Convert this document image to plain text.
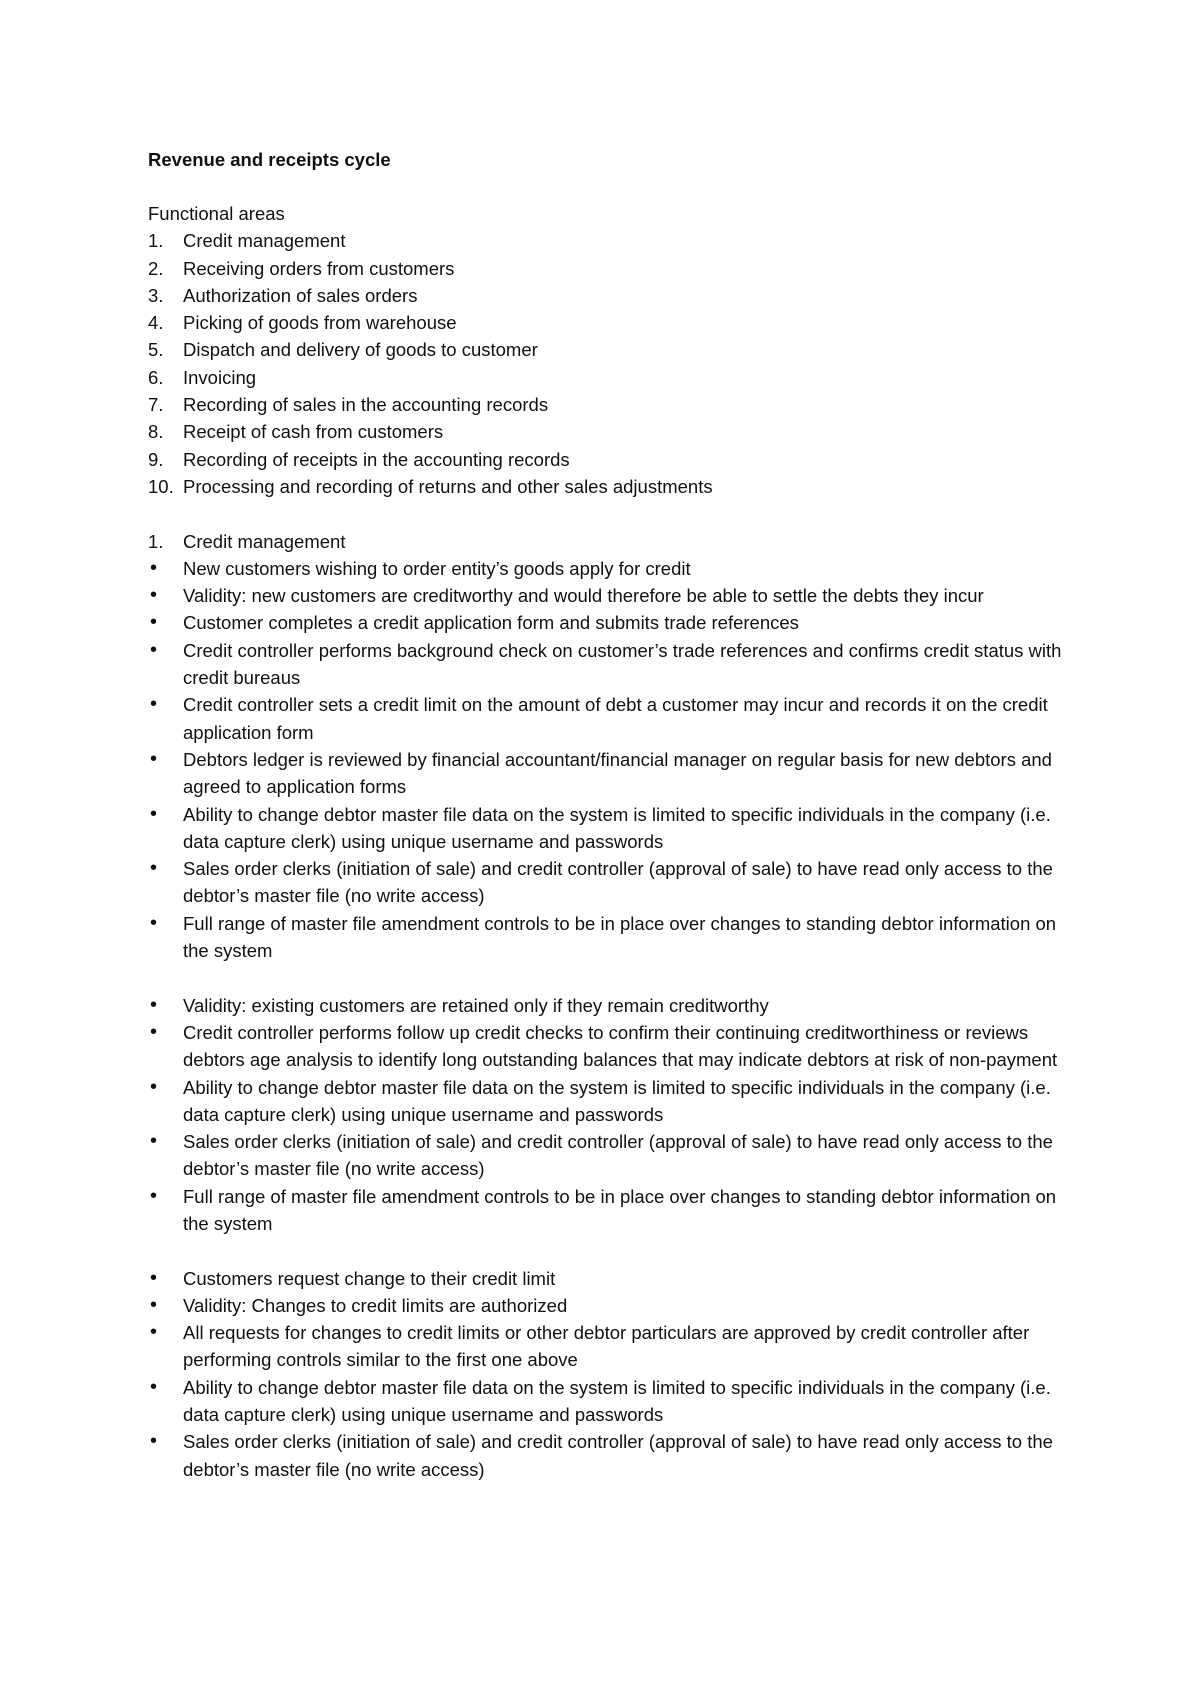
Revenue and receipts cycle

Functional areas

1. Credit management
2. Receiving orders from customers
3. Authorization of sales orders
4. Picking of goods from warehouse
5. Dispatch and delivery of goods to customer
6. Invoicing
7. Recording of sales in the accounting records
8. Receipt of cash from customers
9. Recording of receipts in the accounting records
10. Processing and recording of returns and other sales adjustments
1. Credit management
• New customers wishing to order entity’s goods apply for credit
• Validity: new customers are creditworthy and would therefore be able to settle the debts they incur
• Customer completes a credit application form and submits trade references
• Credit controller performs background check on customer’s trade references and confirms credit status with credit bureaus
• Credit controller sets a credit limit on the amount of debt a customer may incur and records it on the credit application form
• Debtors ledger is reviewed by financial accountant/financial manager on regular basis for new debtors and agreed to application forms
• Ability to change debtor master file data on the system is limited to specific individuals in the company (i.e. data capture clerk) using unique username and passwords
• Sales order clerks (initiation of sale) and credit controller (approval of sale) to have read only access to the debtor’s master file (no write access)
• Full range of master file amendment controls to be in place over changes to standing debtor information on the system
• Validity: existing customers are retained only if they remain creditworthy
• Credit controller performs follow up credit checks to confirm their continuing creditworthiness or reviews debtors age analysis to identify long outstanding balances that may indicate debtors at risk of non-payment
• Ability to change debtor master file data on the system is limited to specific individuals in the company (i.e. data capture clerk) using unique username and passwords
• Sales order clerks (initiation of sale) and credit controller (approval of sale) to have read only access to the debtor’s master file (no write access)
• Full range of master file amendment controls to be in place over changes to standing debtor information on the system
• Customers request change to their credit limit
• Validity: Changes to credit limits are authorized
• All requests for changes to credit limits or other debtor particulars are approved by credit controller after performing controls similar to the first one above
• Ability to change debtor master file data on the system is limited to specific individuals in the company (i.e. data capture clerk) using unique username and passwords
• Sales order clerks (initiation of sale) and credit controller (approval of sale) to have read only access to the debtor’s master file (no write access)
